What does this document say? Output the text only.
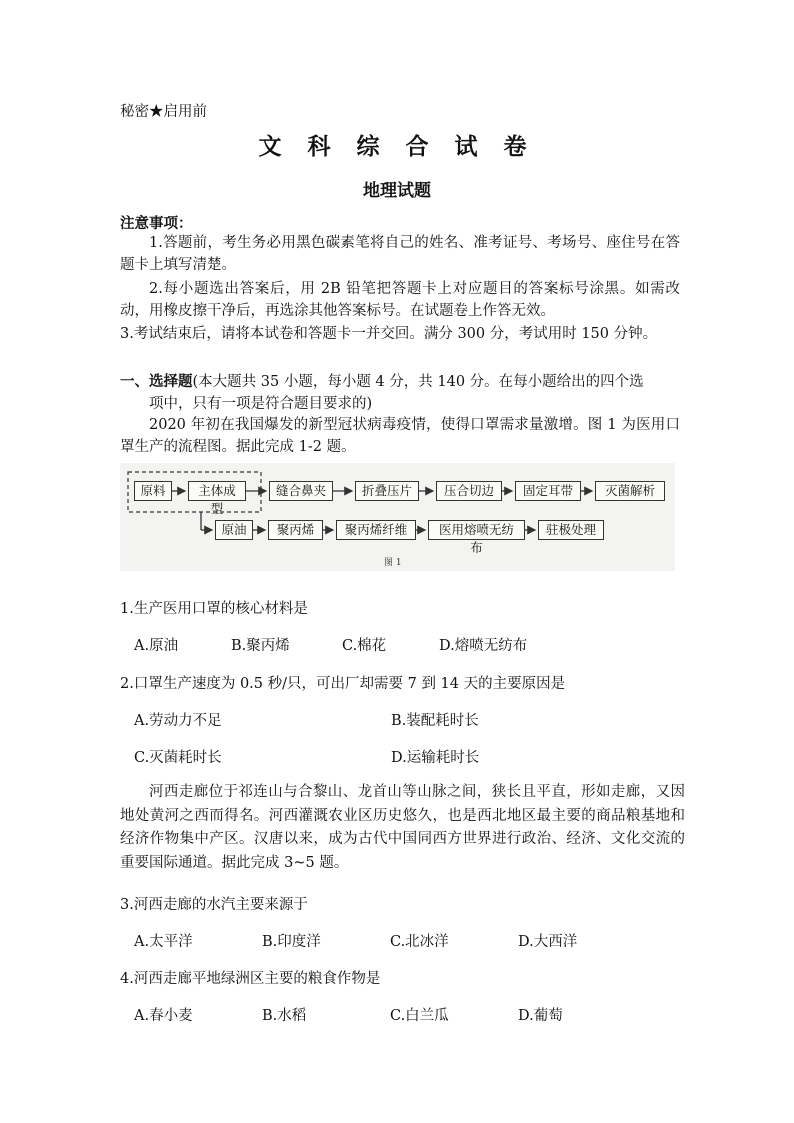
秘密★启用前
文 科 综 合 试 卷
地理试题
注意事项：
1.答题前，考生务必用黑色碳素笔将自己的姓名、准考证号、考场号、座住号在答题卡上填写清楚。
2.每小题选出答案后，用 2B 铅笔把答题卡上对应题目的答案标号涂黑。如需改动，用橡皮擦干净后，再选涂其他答案标号。在试题卷上作答无效。
3.考试结束后，请将本试卷和答题卡一并交回。满分 300 分，考试用时 150 分钟。
一、选择题(本大题共 35 小题，每小题 4 分，共 140 分。在每小题给出的四个选
项中，只有一项是符合题目要求的)
2020 年初在我国爆发的新型冠状病毒疫情，使得口罩需求量激增。图 1 为医用口罩生产的流程图。据此完成 1-2 题。
原料	主体成型
缝合鼻夹	折叠压片	压合切边	固定耳带	灭菌解析
原油	聚丙烯	聚丙烯纤维	医用熔喷无纺布
驻极处理
图 1
1.生产医用口罩的核心材料是
A.原油	B.聚丙烯	C.棉花	D.熔喷无纺布
2.口罩生产速度为 0.5 秒/只，可出厂却需要 7 到 14 天的主要原因是
A.劳动力不足	B.装配耗时长
C.灭菌耗时长	D.运输耗时长
河西走廊位于祁连山与合黎山、龙首山等山脉之间，狭长且平直，形如走廊，又因地处黄河之西而得名。河西灌溉农业区历史悠久，也是西北地区最主要的商品粮基地和经济作物集中产区。汉唐以来，成为古代中国同西方世界进行政治、经济、文化交流的重要国际通道。据此完成 3~5 题。
3.河西走廊的水汽主要来源于
A.太平洋	B.印度洋	C.北冰洋	D.大西洋
4.河西走廊平地绿洲区主要的粮食作物是
A.春小麦	B.水稻	C.白兰瓜	D.葡萄
